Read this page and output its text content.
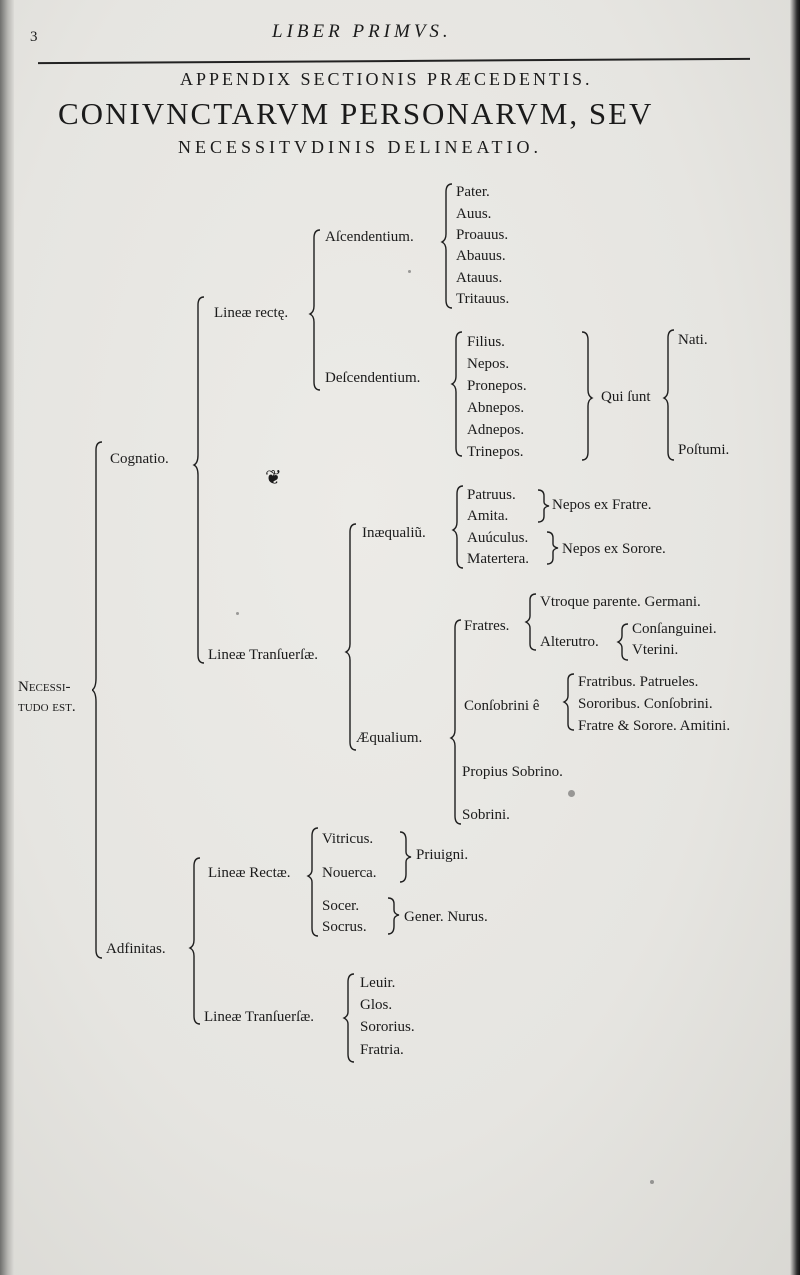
3	LIBER PRIMVS.
APPENDIX SECTIONIS PRÆCEDENTIS.
CONIVNCTARVM PERSONARVM, SEV
NECESSITVDINIS DELINEATIO.
❦
Necessi-
tudo est.
Cognatio.
Lineæ rectę.
Aſcendentium.
Pater.
Auus.
Proauus.
Abauus.
Atauus.
Tritauus.
Deſcendentium.
Filius.
Nepos.
Pronepos.
Abnepos.
Adnepos.
Trinepos.
Qui ſunt
Nati.
Poſtumi.
Lineæ Tranſuerſæ.
Inæqualiũ.
Patruus.
Amita.
Auúculus.
Matertera.
Nepos ex Fratre.
Nepos ex Sorore.
Æqualium.
Fratres.
Vtroque parente. Germani.
Alterutro.
Conſanguinei.
Vterini.
Conſobrini ê
Fratribus. Patrueles.
Sororibus. Conſobrini.
Fratre & Sorore. Amitini.
Propius Sobrino.
Sobrini.
Adfinitas.
Lineæ Rectæ.
Vitricus.
Nouerca.
Priuigni.
Socer.
Socrus.
Gener. Nurus.
Lineæ Tranſuerſæ.
Leuir.
Glos.
Sororius.
Fratria.
